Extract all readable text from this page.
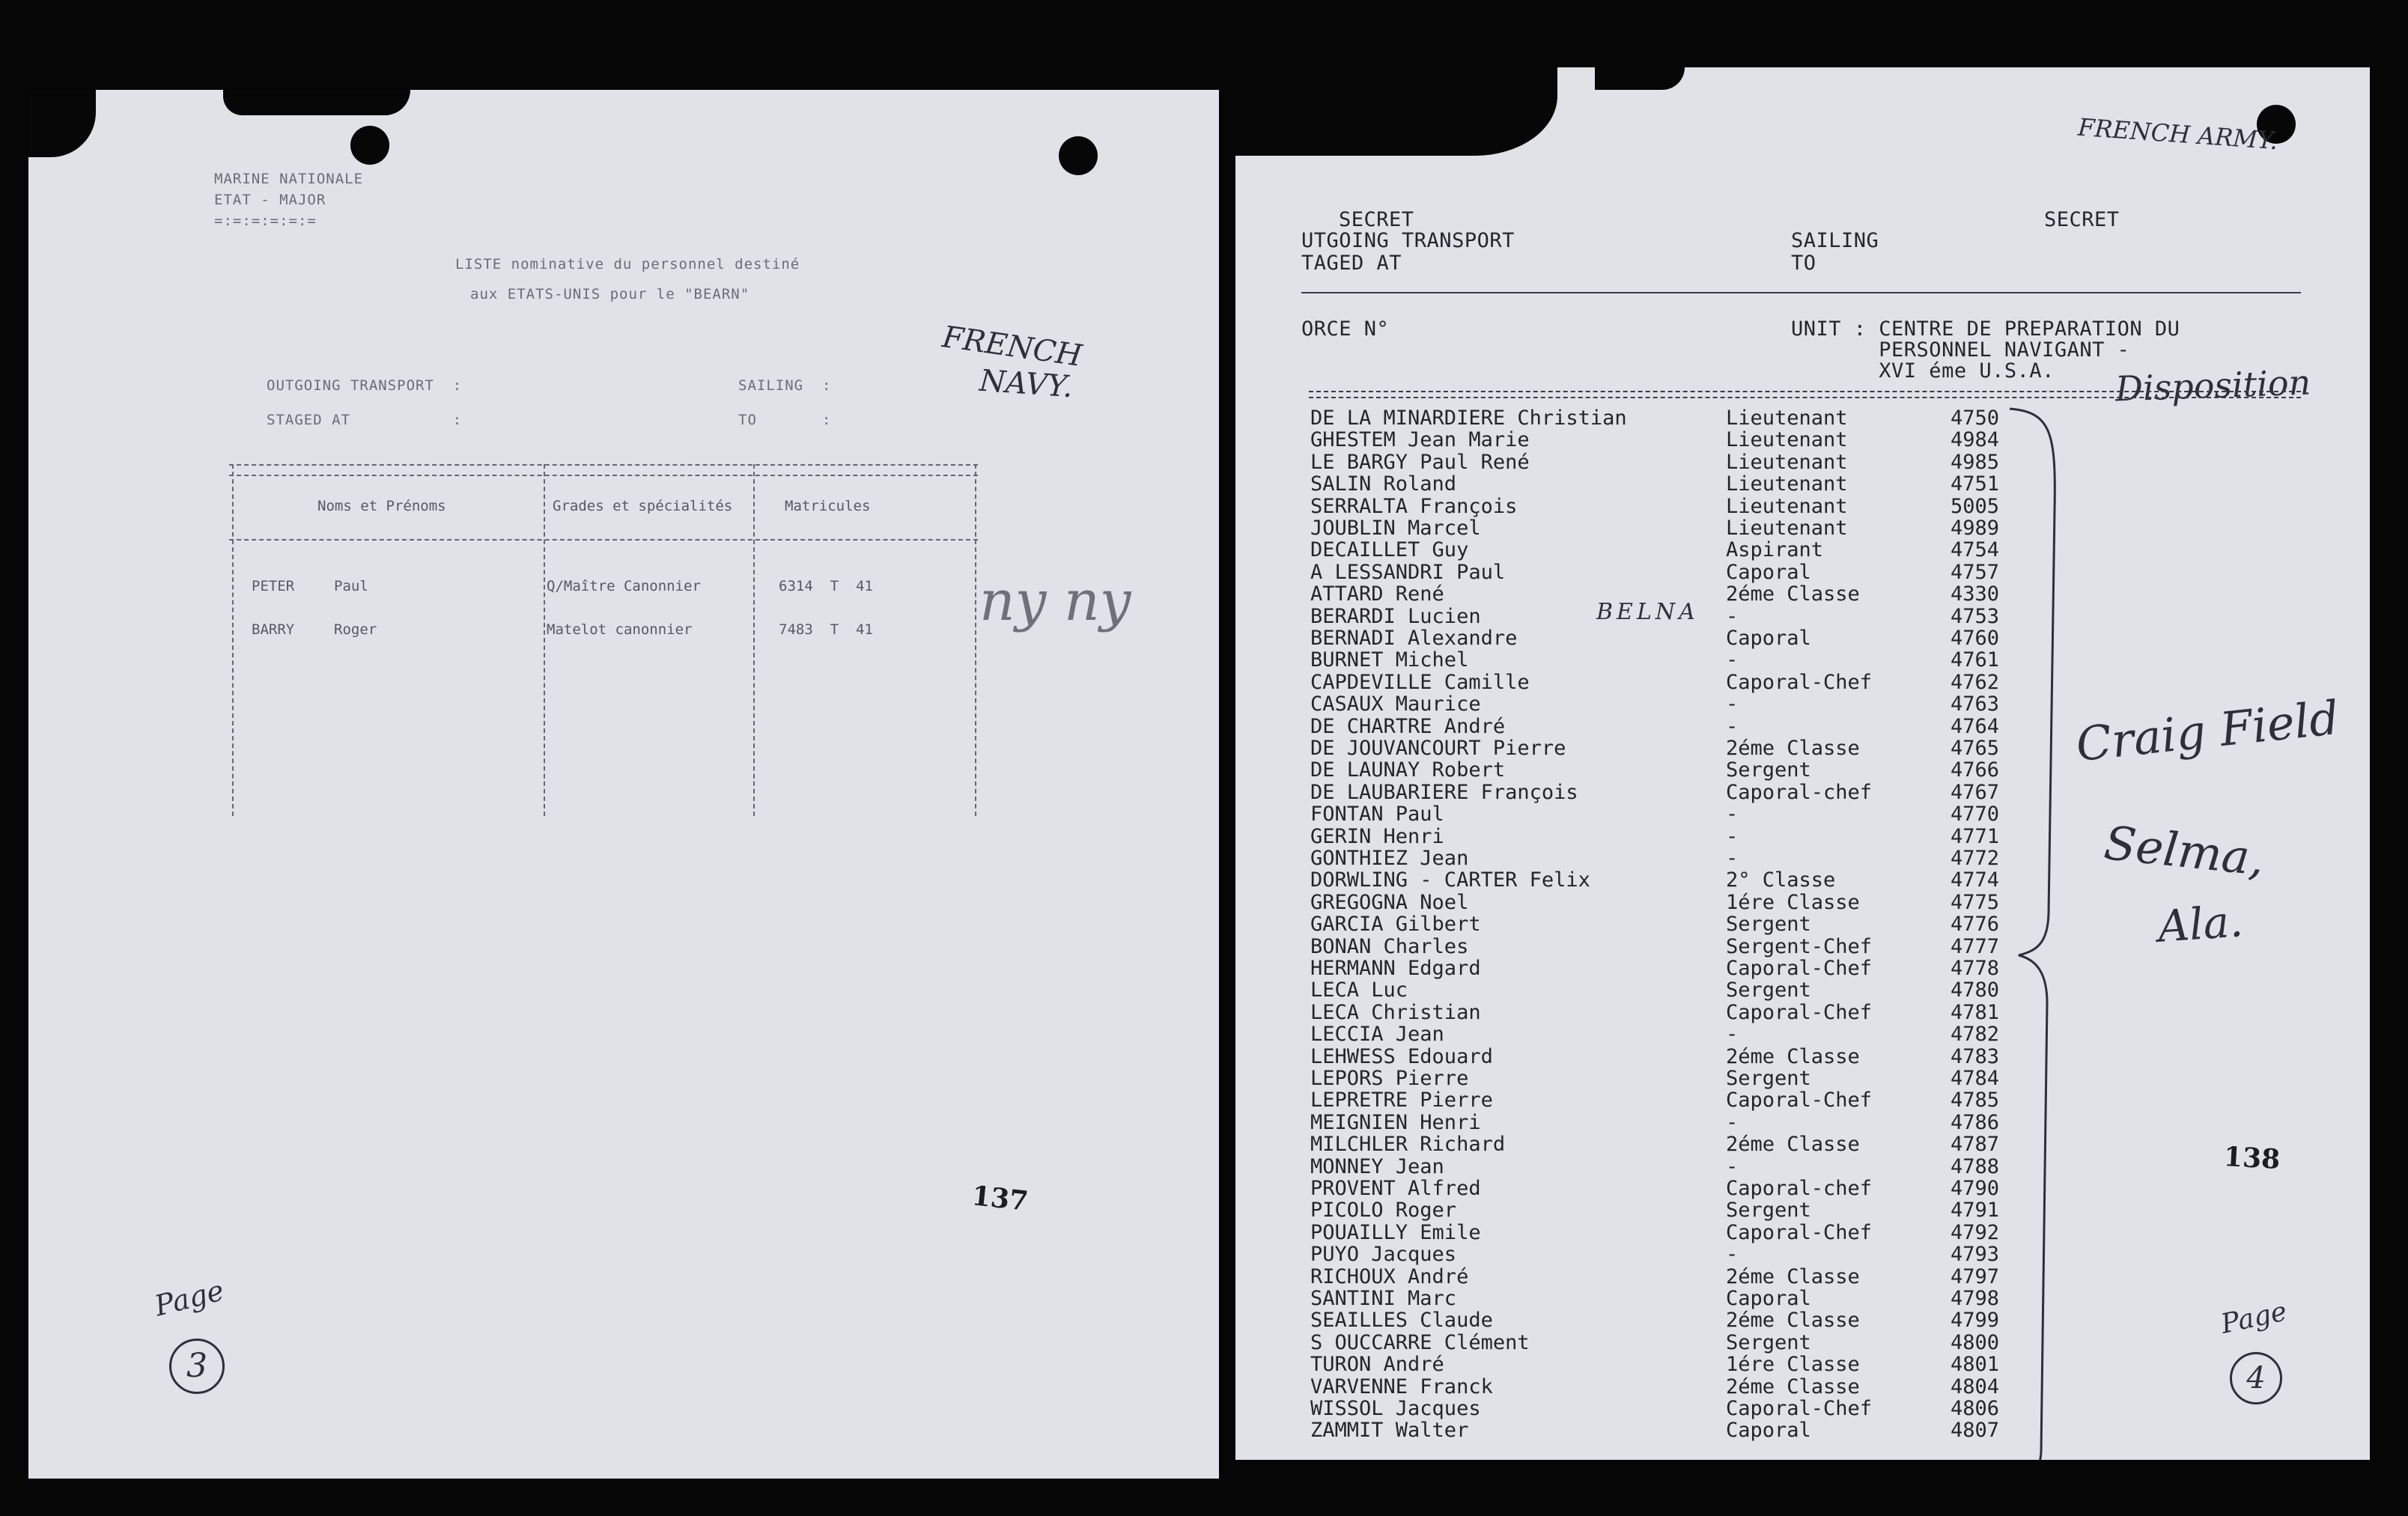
MARINE NATIONALE
ETAT - MAJOR
=:=:=:=:=:=
LISTE nominative du personnel destiné
aux ETATS-UNIS pour le "BEARN"
OUTGOING TRANSPORT  :
STAGED AT           :
SAILING  :
TO       :
FRENCH
NAVY.
Noms et Prénoms	Grades et spécialités	Matricules
PETER	Paul	Q/Maître Canonnier	6314  T  41
BARRY	Roger	Matelot canonnier	7483  T  41 ny ny
137
Page
3
FRENCH ARMY.
SECRET	SECRET
UTGOING TRANSPORT
TAGED AT
SAILING
TO
ORCE N°	UNIT : CENTRE DE PREPARATION DU
PERSONNEL NAVIGANT -
XVI éme U.S.A. Disposition
DE LA MINARDIERE Christian	Lieutenant	4750
GHESTEM Jean Marie	Lieutenant	4984
LE BARGY Paul René	Lieutenant	4985
SALIN Roland	Lieutenant	4751
SERRALTA François	Lieutenant	5005
JOUBLIN Marcel	Lieutenant	4989
DECAILLET Guy	Aspirant	4754
A LESSANDRI Paul	Caporal	4757
ATTARD René	2éme Classe	4330
BERARDI Lucien	-	4753
BERNADI Alexandre	Caporal	4760
BURNET Michel	-	4761
CAPDEVILLE Camille	Caporal-Chef	4762
CASAUX Maurice	-	4763
DE CHARTRE André	-	4764
DE JOUVANCOURT Pierre	2éme Classe	4765
DE LAUNAY Robert	Sergent	4766
DE LAUBARIERE François	Caporal-chef	4767
FONTAN Paul	-	4770
GERIN Henri	-	4771
GONTHIEZ Jean	-	4772
DORWLING - CARTER Felix	2° Classe	4774
GREGOGNA Noel	1ére Classe	4775
GARCIA Gilbert	Sergent	4776
BONAN Charles	Sergent-Chef	4777
HERMANN Edgard	Caporal-Chef	4778
LECA Luc	Sergent	4780
LECA Christian	Caporal-Chef	4781
LECCIA Jean	-	4782
LEHWESS Edouard	2éme Classe	4783
LEPORS Pierre	Sergent	4784
LEPRETRE Pierre	Caporal-Chef	4785
MEIGNIEN Henri	-	4786
MILCHLER Richard	2éme Classe	4787
MONNEY Jean	-	4788
PROVENT Alfred	Caporal-chef	4790
PICOLO Roger	Sergent	4791
POUAILLY Emile	Caporal-Chef	4792
PUYO Jacques	-	4793
RICHOUX André	2éme Classe	4797
SANTINI Marc	Caporal	4798
SEAILLES Claude	2éme Classe	4799
S OUCCARRE Clément	Sergent	4800
TURON André	1ére Classe	4801
VARVENNE Franck	2éme Classe	4804
WISSOL Jacques	Caporal-Chef	4806
ZAMMIT Walter	Caporal	4807
BELNA
Craig Field
Selma,
Ala.
138
Page
4
